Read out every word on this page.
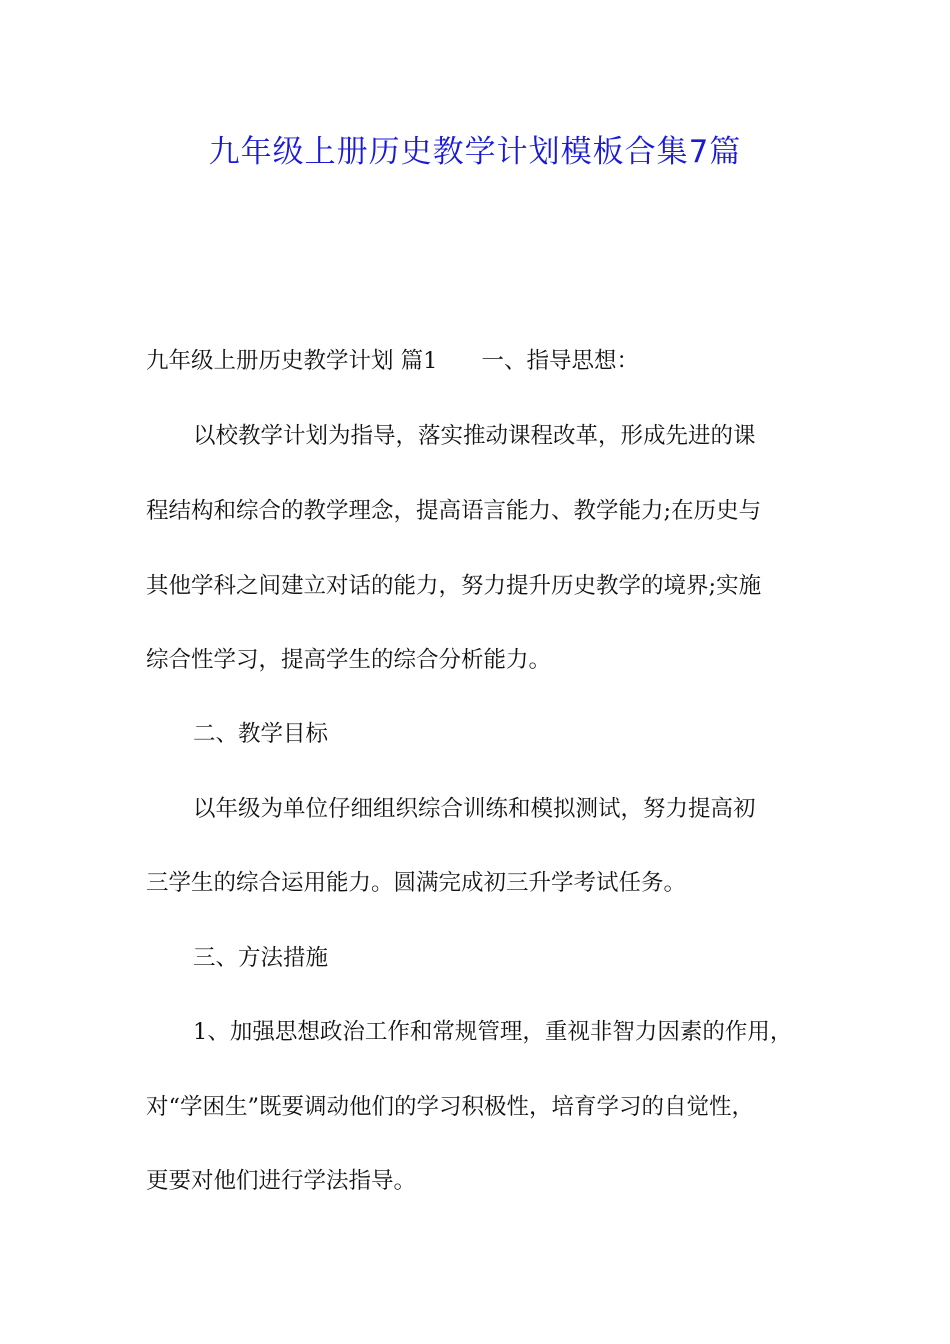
九年级上册历史教学计划模板合集7篇

九年级上册历史教学计划 篇1 一、指导思想：

以校教学计划为指导，落实推动课程改革，形成先进的课

程结构和综合的教学理念，提高语言能力、教学能力;在历史与

其他学科之间建立对话的能力，努力提升历史教学的境界;实施

综合性学习，提高学生的综合分析能力。

二、教学目标

以年级为单位仔细组织综合训练和模拟测试，努力提高初

三学生的综合运用能力。圆满完成初三升学考试任务。

三、方法措施

1、加强思想政治工作和常规管理，重视非智力因素的作用，

对“学困生”既要调动他们的学习积极性，培育学习的自觉性，

更要对他们进行学法指导。
